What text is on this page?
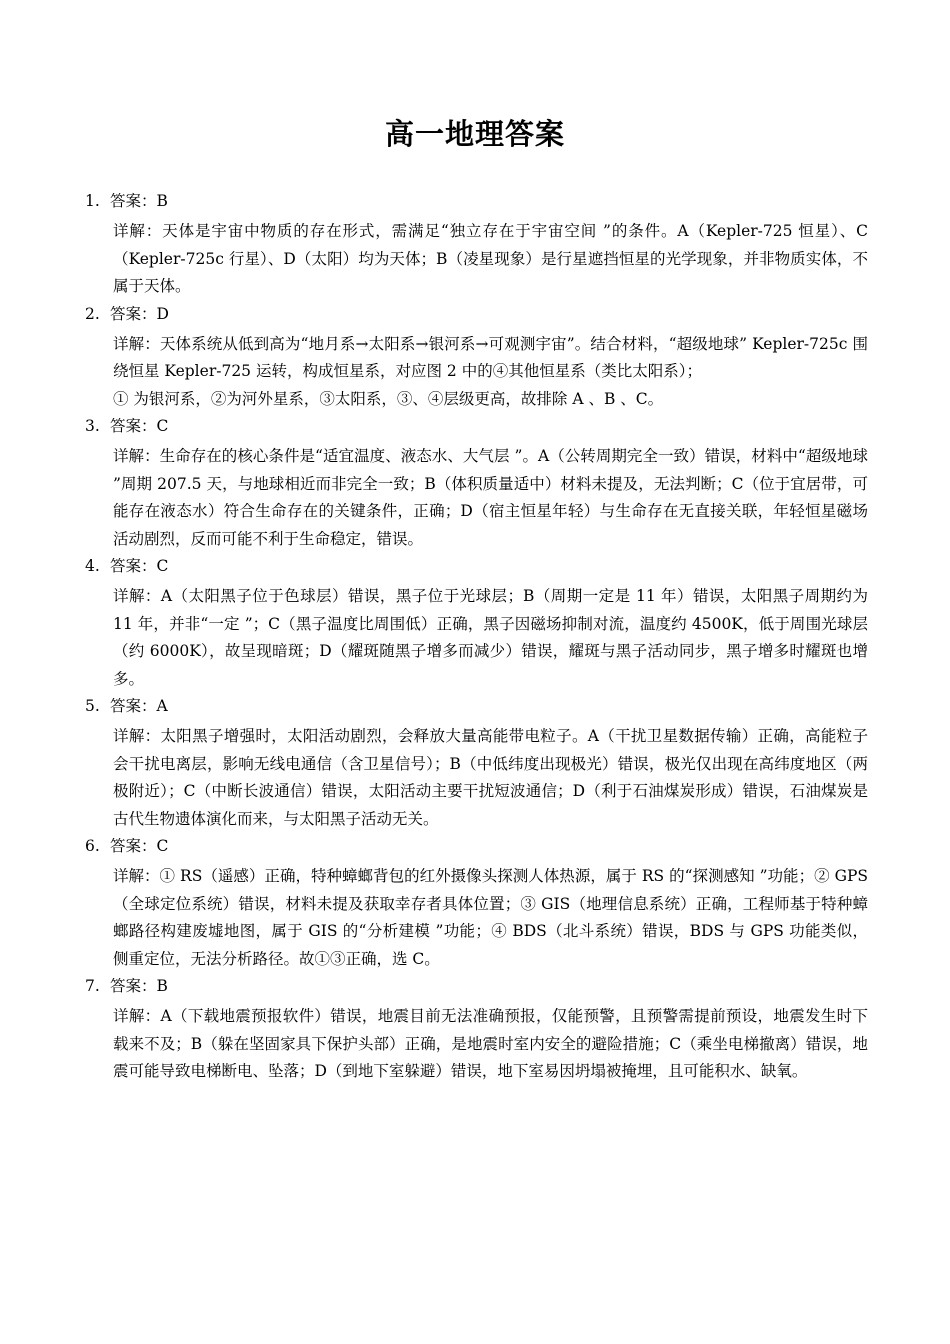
高一地理答案
1. 答案：B

详解：天体是宇宙中物质的存在形式，需满足“独立存在于宇宙空间 ”的条件。A（Kepler-725 恒星）、C（Kepler-725c 行星）、D（太阳）均为天体；B（凌星现象）是行星遮挡恒星的光学现象，并非物质实体，不属于天体。

2. 答案：D

详解：天体系统从低到高为“地月系→太阳系→银河系→可观测宇宙”。结合材料，“超级地球” Kepler-725c 围绕恒星 Kepler-725 运转，构成恒星系，对应图 2 中的④其他恒星系（类比太阳系）；

① 为银河系，②为河外星系，③太阳系，③、④层级更高，故排除 A 、B 、C。

3. 答案：C

详解：生命存在的核心条件是“适宜温度、液态水、大气层 ”。A（公转周期完全一致）错误，材料中“超级地球 ”周期 207.5 天，与地球相近而非完全一致；B（体积质量适中）材料未提及，无法判断；C（位于宜居带，可能存在液态水）符合生命存在的关键条件，正确；D（宿主恒星年轻）与生命存在无直接关联，年轻恒星磁场活动剧烈，反而可能不利于生命稳定，错误。

4. 答案：C

详解：A（太阳黑子位于色球层）错误，黑子位于光球层；B（周期一定是 11 年）错误，太阳黑子周期约为 11 年，并非“一定 ”；C（黑子温度比周围低）正确，黑子因磁场抑制对流，温度约 4500K，低于周围光球层（约 6000K），故呈现暗斑；D（耀斑随黑子增多而减少）错误，耀斑与黑子活动同步，黑子增多时耀斑也增多。

5. 答案：A

详解：太阳黑子增强时，太阳活动剧烈，会释放大量高能带电粒子。A（干扰卫星数据传输）正确，高能粒子会干扰电离层，影响无线电通信（含卫星信号）；B（中低纬度出现极光）错误，极光仅出现在高纬度地区（两极附近）；C（中断长波通信）错误，太阳活动主要干扰短波通信；D（利于石油煤炭形成）错误，石油煤炭是古代生物遗体演化而来，与太阳黑子活动无关。

6. 答案：C

详解：① RS（遥感）正确，特种蟑螂背包的红外摄像头探测人体热源，属于 RS 的“探测感知 ”功能；② GPS（全球定位系统）错误，材料未提及获取幸存者具体位置；③ GIS（地理信息系统）正确，工程师基于特种蟑螂路径构建废墟地图，属于 GIS 的“分析建模 ”功能；④ BDS（北斗系统）错误，BDS 与 GPS 功能类似，侧重定位，无法分析路径。故①③正确，选 C。

7. 答案：B

详解：A（下载地震预报软件）错误，地震目前无法准确预报，仅能预警，且预警需提前预设，地震发生时下载来不及；B（躲在坚固家具下保护头部）正确，是地震时室内安全的避险措施；C（乘坐电梯撤离）错误，地震可能导致电梯断电、坠落；D（到地下室躲避）错误，地下室易因坍塌被掩埋，且可能积水、缺氧。
